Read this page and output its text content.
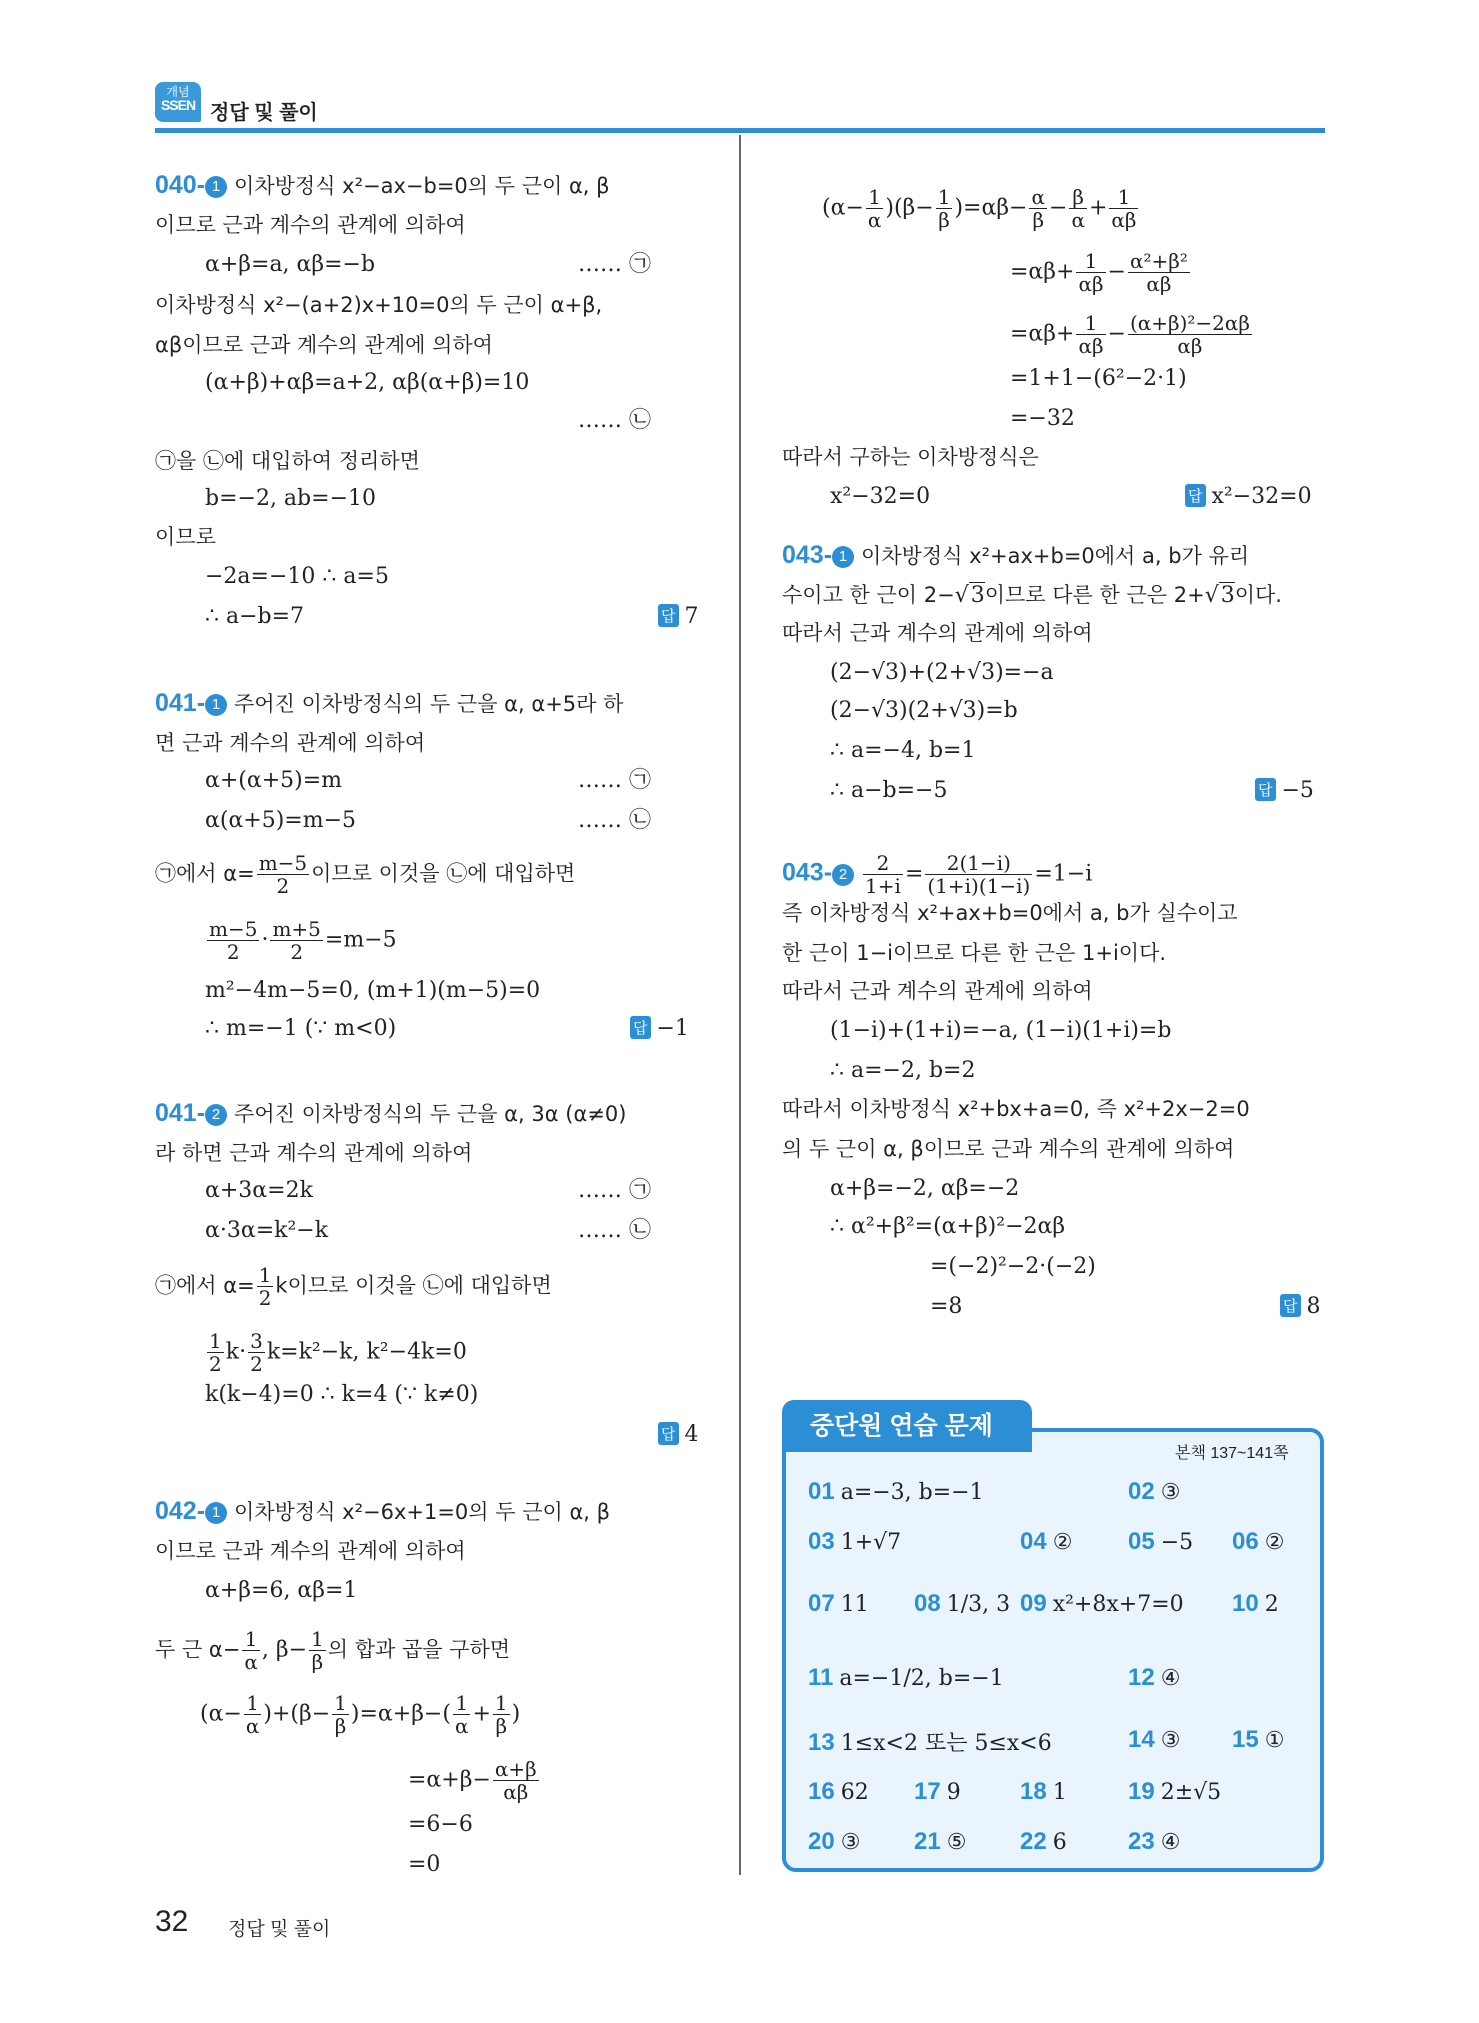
개념
SSEN 정답 및 풀이
040- 1 이차방정식 x²−ax−b=0의 두 근이 α, β
이므로 근과 계수의 관계에 의하여
α+β=a, αβ=−b	…… ㉠
이차방정식 x²−(a+2)x+10=0의 두 근이 α+β,
αβ이므로 근과 계수의 관계에 의하여
(α+β)+αβ=a+2, αβ(α+β)=10
…… ㉡
㉠을 ㉡에 대입하여 정리하면
b=−2, ab=−10
이므로
−2a=−10 ∴ a=5
∴ a−b=7	답 7
041- 1 주어진 이차방정식의 두 근을 α, α+5라 하
면 근과 계수의 관계에 의하여
α+(α+5)=m	…… ㉠
α(α+5)=m−5	…… ㉡
㉠에서 $\alpha= \frac{m-5}{2}$ 이므로 이것을 ㉡에 대입하면
$\frac{m-5}{2} \cdot \frac{m+5}{2} =m-5$
m²−4m−5=0, (m+1)(m−5)=0
∴ m=−1 (∵ m<0)	답 −1
041- 2 주어진 이차방정식의 두 근을 α, 3α (α≠0)
라 하면 근과 계수의 관계에 의하여
α+3α=2k	…… ㉠
α·3α=k²−k	…… ㉡
㉠에서 $\alpha= \frac{1}{2}$ k이므로 이것을 ㉡에 대입하면
$\frac{1}{2} k\cdot \frac{3}{2} k=k^2-k$, k²−4k=0
k(k−4)=0 ∴ k=4 (∵ k≠0)
답 4
042- 1 이차방정식 x²−6x+1=0의 두 근이 α, β
이므로 근과 계수의 관계에 의하여
α+β=6, αβ=1
두 근 $\alpha- \frac{1}{\alpha}$ , $\beta- \frac{1}{\beta}$ 의 합과 곱을 구하면
$(\alpha- \frac{1}{\alpha} )+(\beta- \frac{1}{\beta} )=\alpha+\beta-( \frac{1}{\alpha} + \frac{1}{\beta}$ )
$=\alpha+\beta- \frac{\alpha+\beta}{\alpha\beta}$
=6−6
=0
$(\alpha- \frac{1}{\alpha} )(\beta- \frac{1}{\beta} )=\alpha\beta- \frac{\alpha}{\beta} - \frac{\beta}{\alpha} + \frac{1}{\alpha\beta}$
$=\alpha\beta+ \frac{1}{\alpha\beta} - \frac{\text{α²+β²}}{\alpha\beta}$
$=\alpha\beta+ \frac{1}{\alpha\beta} - \frac{\text{(α+β)²−2αβ}}{\alpha\beta}$
=1+1−(6²−2·1)
=−32
따라서 구하는 이차방정식은
x²−32=0	답 x²−32=0
043- 1 이차방정식 x²+ax+b=0에서 a, b가 유리
수이고 한 근이 2−√3이므로 다른 한 근은 2+√3이다.
따라서 근과 계수의 관계에 의하여
(2−√3)+(2+√3)=−a
(2−√3)(2+√3)=b
∴ a=−4, b=1
∴ a−b=−5	답 −5
043- $2 \frac{2}{1+i} = \frac{2(1-i)}{(1+i)(1-i)} =1-i$
즉 이차방정식 x²+ax+b=0에서 a, b가 실수이고
한 근이 1−i이므로 다른 한 근은 1+i이다.
따라서 근과 계수의 관계에 의하여
(1−i)+(1+i)=−a, (1−i)(1+i)=b
∴ a=−2, b=2
따라서 이차방정식 x²+bx+a=0, 즉 x²+2x−2=0
의 두 근이 α, β이므로 근과 계수의 관계에 의하여
α+β=−2, αβ=−2
∴ α²+β²=(α+β)²−2αβ
=(−2)²−2·(−2)
=8	답 8
중단원 연습 문제
본책 137~141쪽
01 a=−3, b=−1	02 ③
03 1+√7	04 ② 05 −5 06 ②
07 11 08 1/3, 3 09 x²+8x+7=0 10 2
11 a=−1/2, b=−1	12 ④
13 1≤x<2 또는 5≤x<6	14 ③ 15 ①
16 62 17 9 18 1	19 2±√5
20 ③ 21 ⑤ 22 6	23 ④
32 정답 및 풀이
